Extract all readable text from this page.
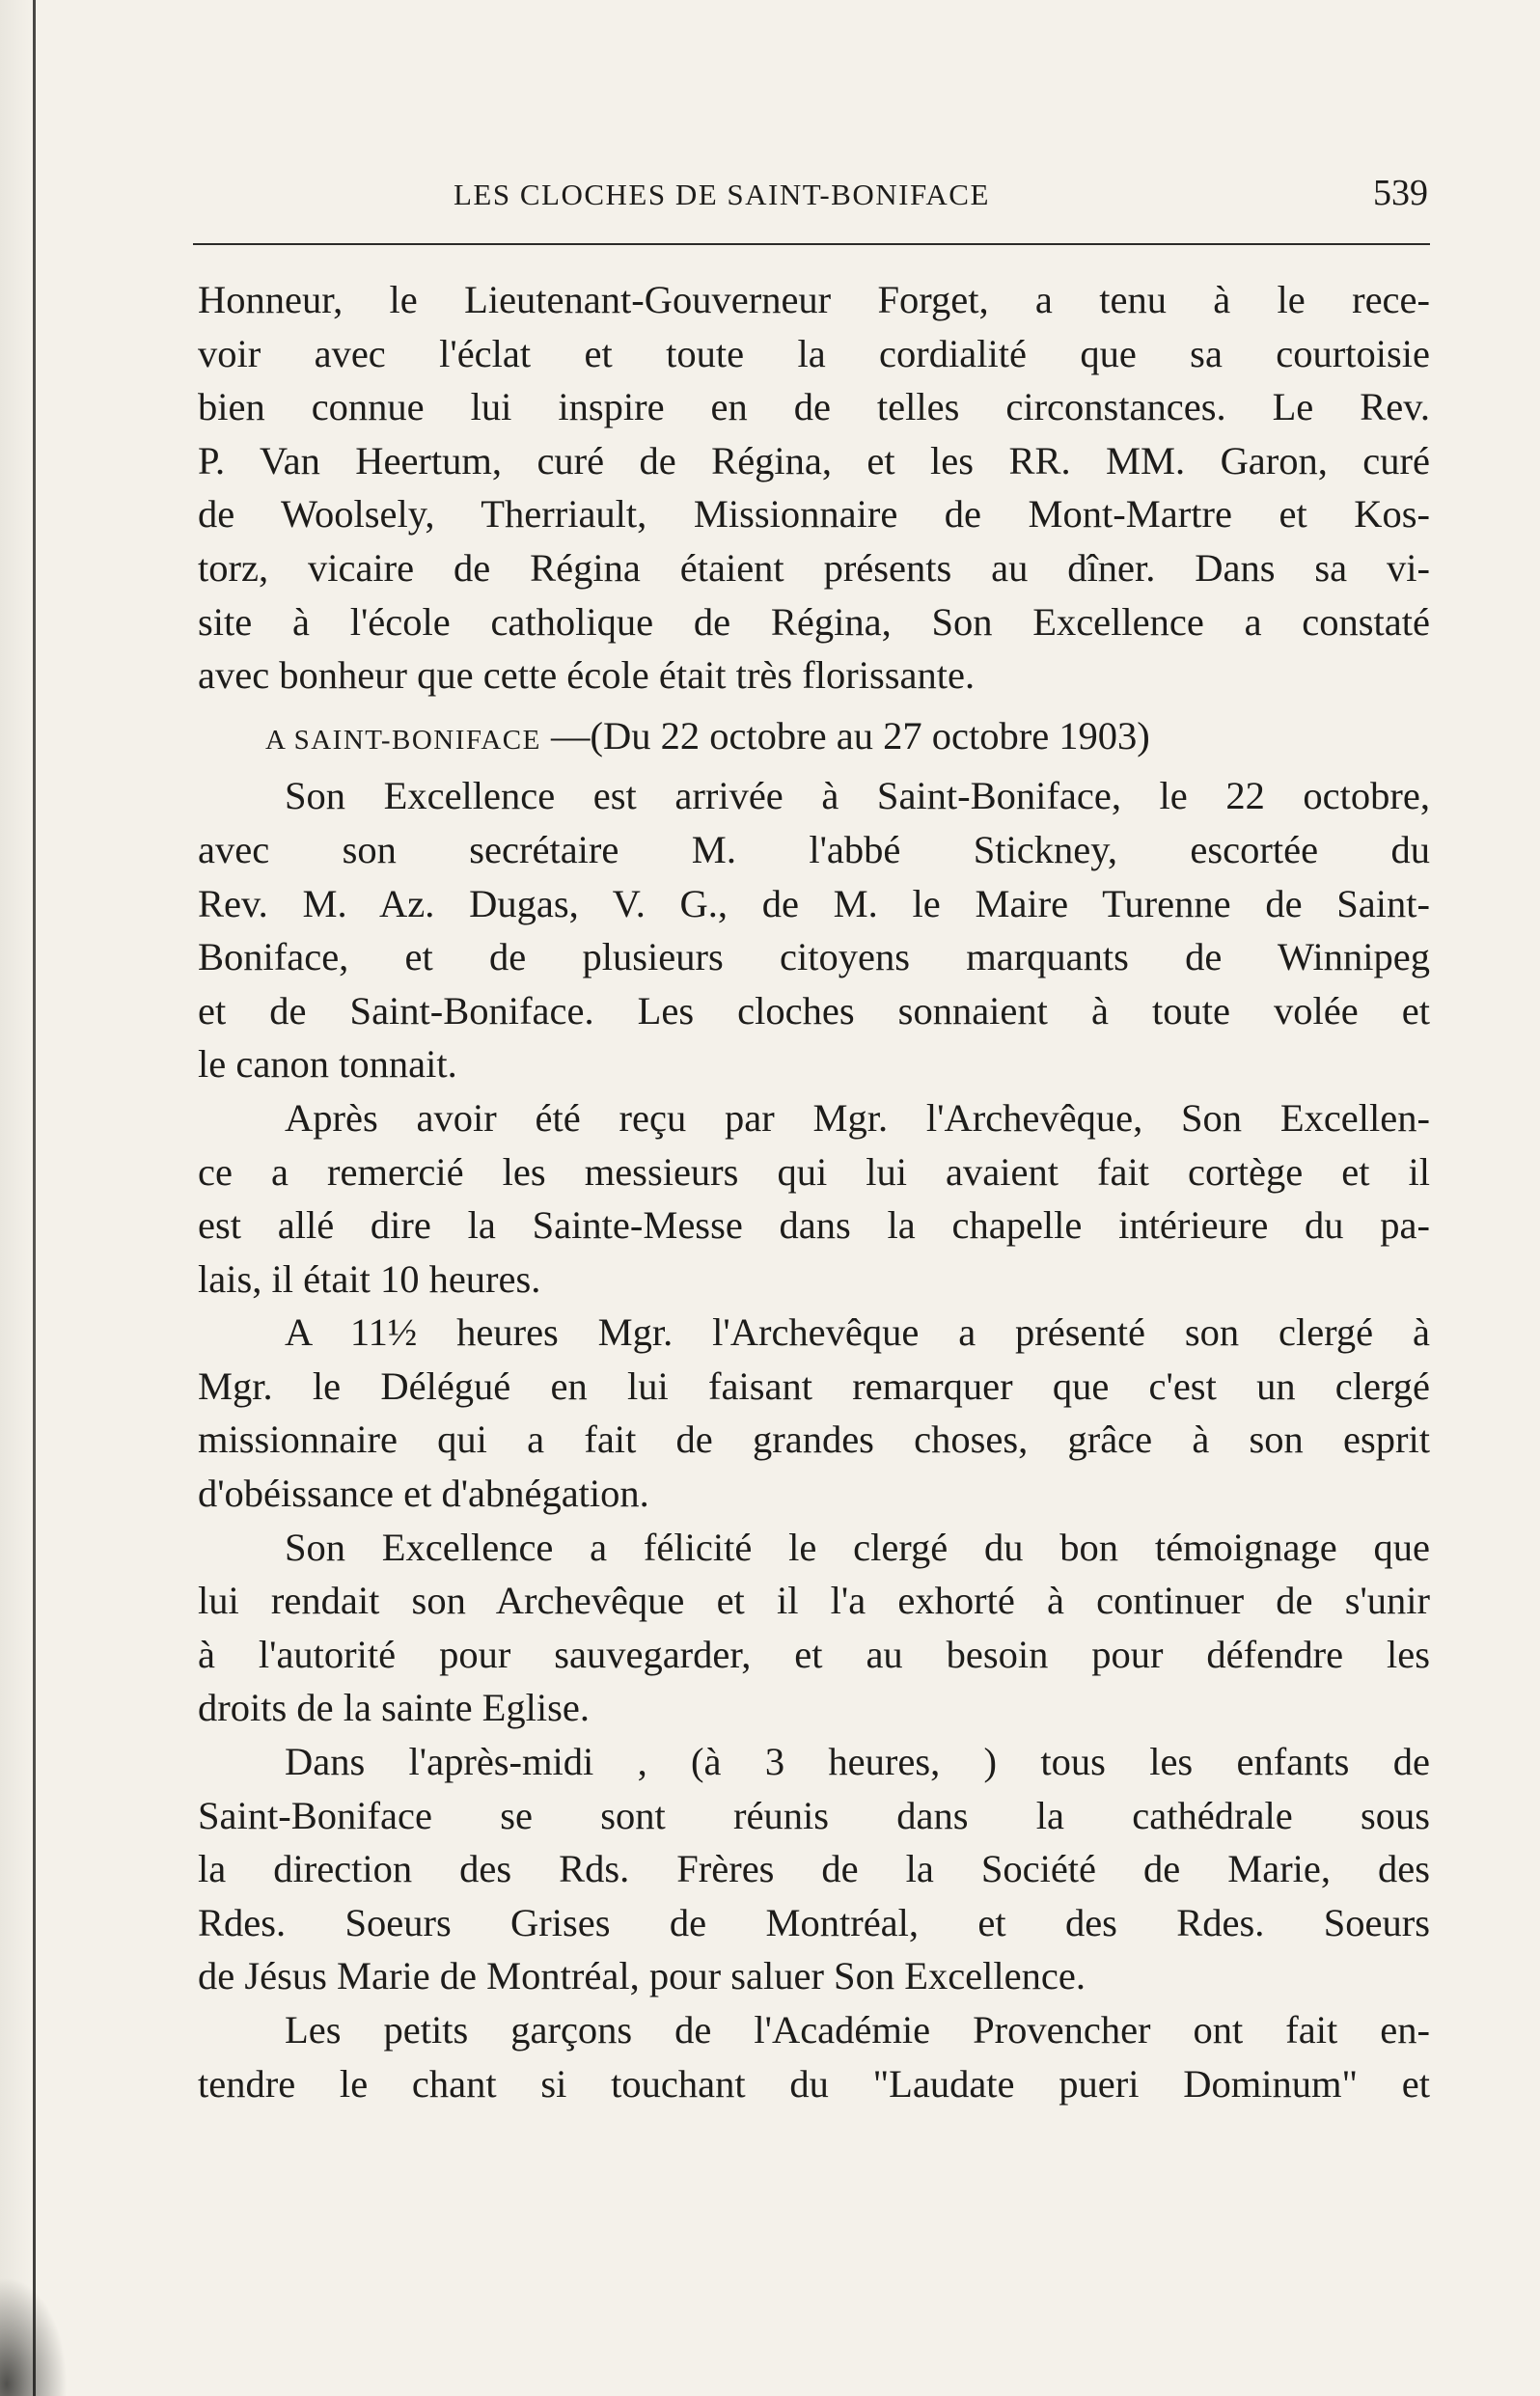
LES CLOCHES DE SAINT-BONIFACE	539
Honneur, le Lieutenant-Gouverneur Forget, a tenu à le rece-
voir avec l'éclat et toute la cordialité que sa courtoisie
bien connue lui inspire en de telles circonstances. Le Rev.
P. Van Heertum, curé de Régina, et les RR. MM. Garon, curé
de Woolsely, Therriault, Missionnaire de Mont-Martre et Kos-
torz, vicaire de Régina étaient présents au dîner. Dans sa vi-
site à l'école catholique de Régina, Son Excellence a constaté
avec bonheur que cette école était très florissante.
A SAINT-BONIFACE —(Du 22 octobre au 27 octobre 1903)
Son Excellence est arrivée à Saint-Boniface, le 22 octobre,
avec son secrétaire M. l'abbé Stickney, escortée du
Rev. M. Az. Dugas, V. G., de M. le Maire Turenne de Saint-
Boniface, et de plusieurs citoyens marquants de Winnipeg
et de Saint-Boniface. Les cloches sonnaient à toute volée et
le canon tonnait.
Après avoir été reçu par Mgr. l'Archevêque, Son Excellen-
ce a remercié les messieurs qui lui avaient fait cortège et il
est allé dire la Sainte-Messe dans la chapelle intérieure du pa-
lais, il était 10 heures.
A 11½ heures Mgr. l'Archevêque a présenté son clergé à
Mgr. le Délégué en lui faisant remarquer que c'est un clergé
missionnaire qui a fait de grandes choses, grâce à son esprit
d'obéissance et d'abnégation.
Son Excellence a félicité le clergé du bon témoignage que
lui rendait son Archevêque et il l'a exhorté à continuer de s'unir
à l'autorité pour sauvegarder, et au besoin pour défendre les
droits de la sainte Eglise.
Dans l'après-midi , (à 3 heures, ) tous les enfants de
Saint-Boniface se sont réunis dans la cathédrale sous
la direction des Rds. Frères de la Société de Marie, des
Rdes. Soeurs Grises de Montréal, et des Rdes. Soeurs
de Jésus Marie de Montréal, pour saluer Son Excellence.
Les petits garçons de l'Académie Provencher ont fait en-
tendre le chant si touchant du "Laudate pueri Dominum" et
